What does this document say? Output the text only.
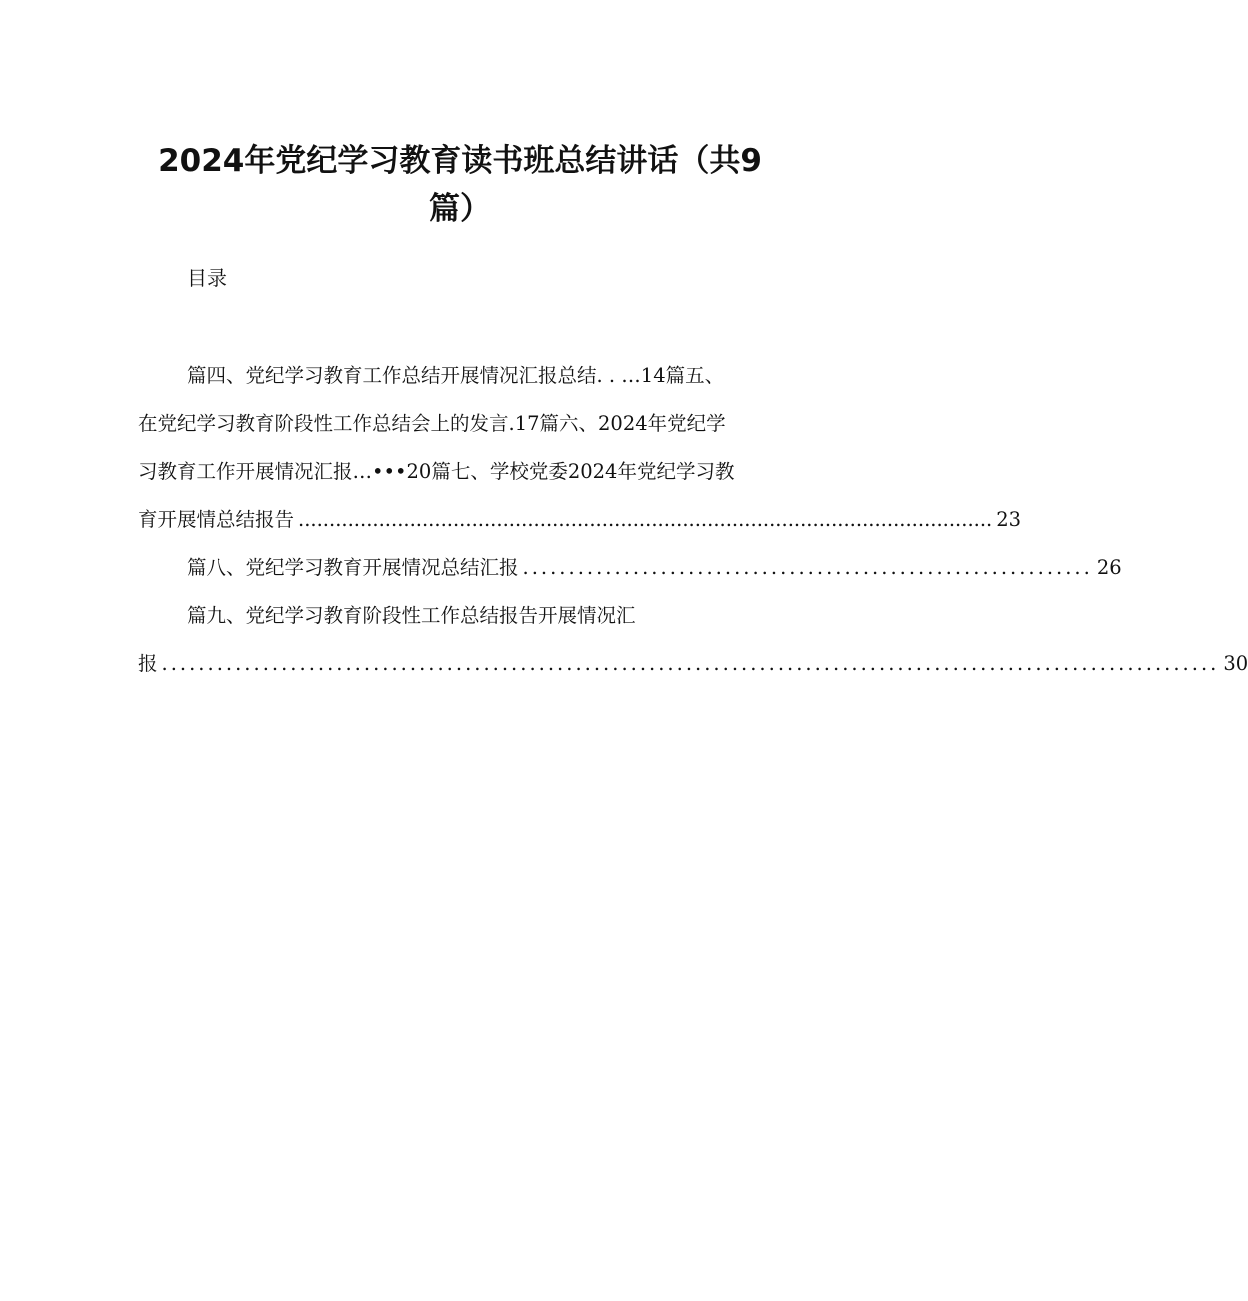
2024年党纪学习教育读书班总结讲话（共9
篇）
目录
篇四、党纪学习教育工作总结开展情况汇报总结. . …14篇五、
在党纪学习教育阶段性工作总结会上的发言.17篇六、2024年党纪学
习教育工作开展情况汇报…•••20篇七、学校党委2024年党纪学习教
育开展情总结报告 ................................................................................................................ 23
篇八、党纪学习教育开展情况总结汇报 .............................................................. 26
篇九、党纪学习教育阶段性工作总结报告开展情况汇
报 ................................................................................................................... 30
